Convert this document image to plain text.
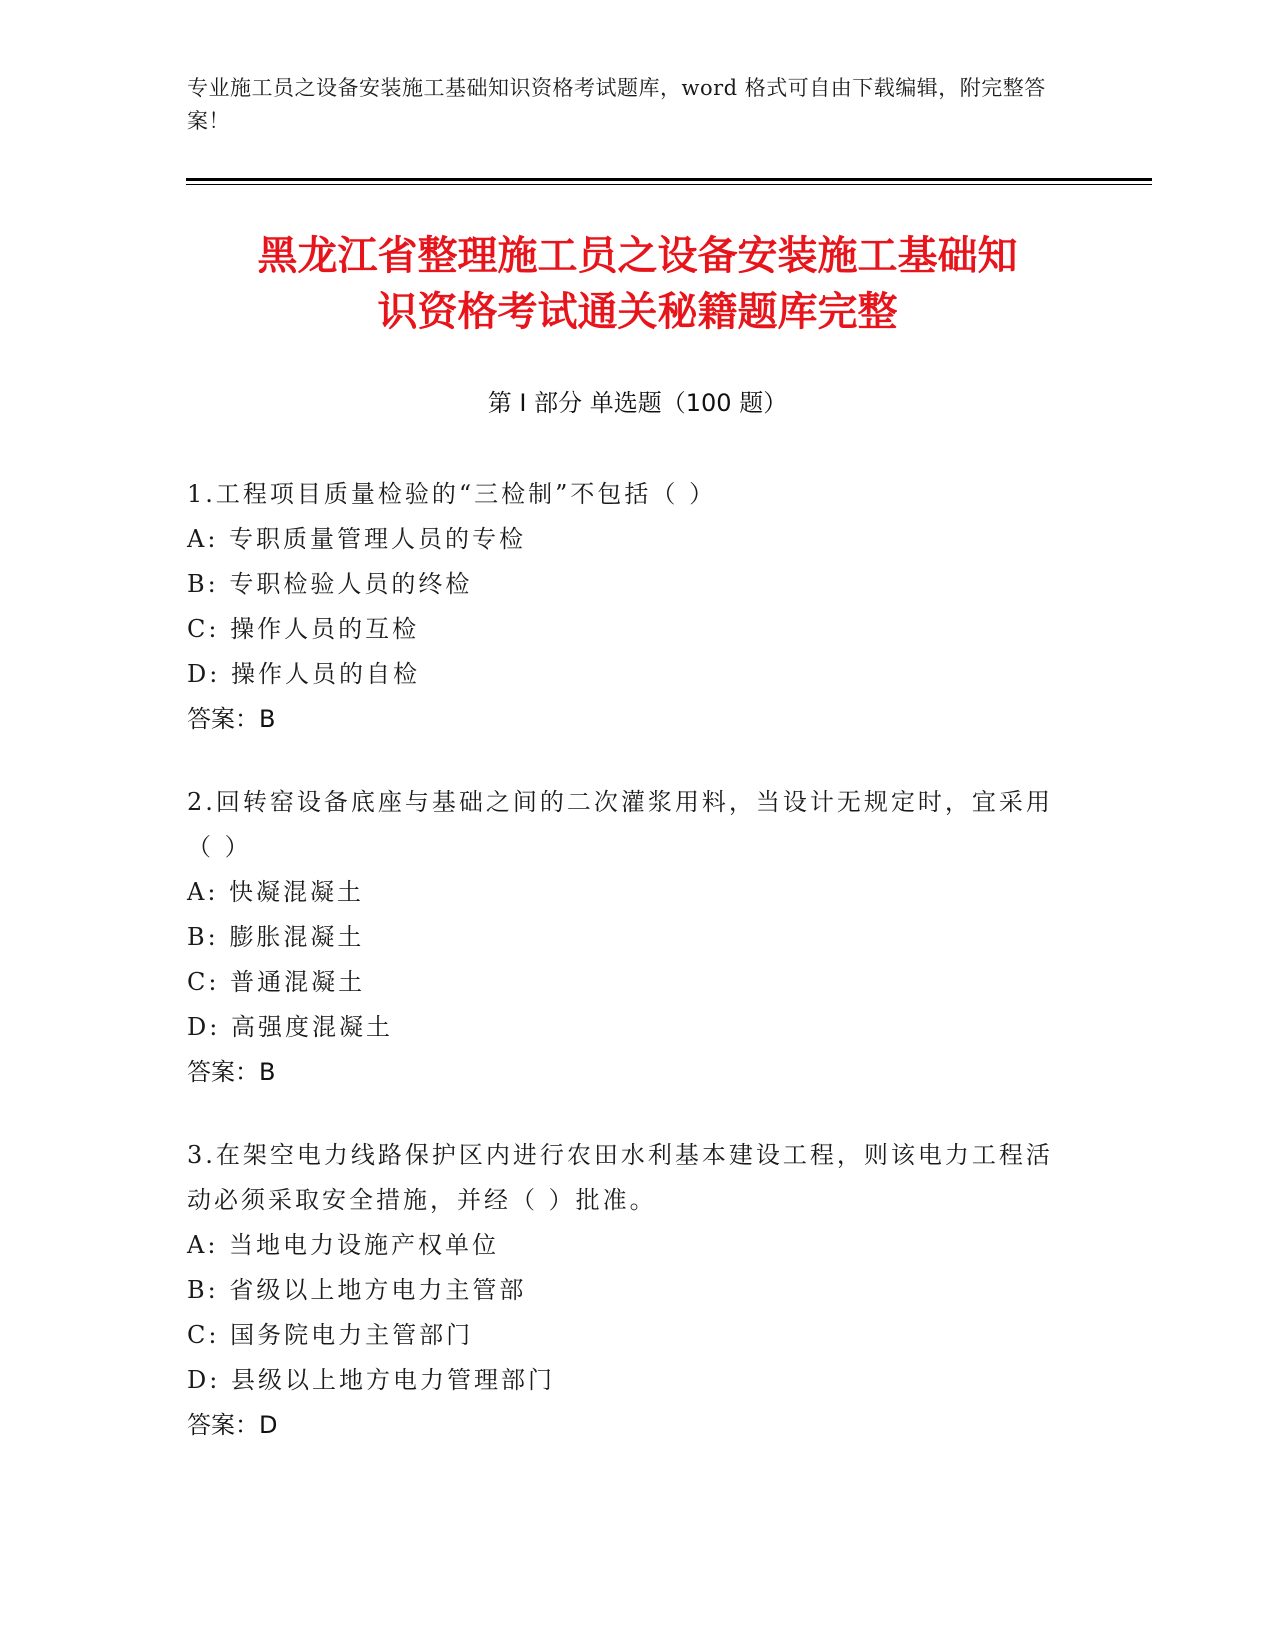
专业施工员之设备安装施工基础知识资格考试题库，word 格式可自由下载编辑，附完整答案！
黑龙江省整理施工员之设备安装施工基础知
识资格考试通关秘籍题库完整
第 I 部分 单选题（100 题）
1.工程项目质量检验的“三检制”不包括（ ）
A: 专职质量管理人员的专检
B: 专职检验人员的终检
C: 操作人员的互检
D: 操作人员的自检
答案：B
2.回转窑设备底座与基础之间的二次灌浆用料，当设计无规定时，宜采用（ ）
A: 快凝混凝土
B: 膨胀混凝土
C: 普通混凝土
D: 高强度混凝土
答案：B
3.在架空电力线路保护区内进行农田水利基本建设工程，则该电力工程活动必须采取安全措施，并经（ ）批准。
A: 当地电力设施产权单位
B: 省级以上地方电力主管部
C: 国务院电力主管部门
D: 县级以上地方电力管理部门
答案：D
